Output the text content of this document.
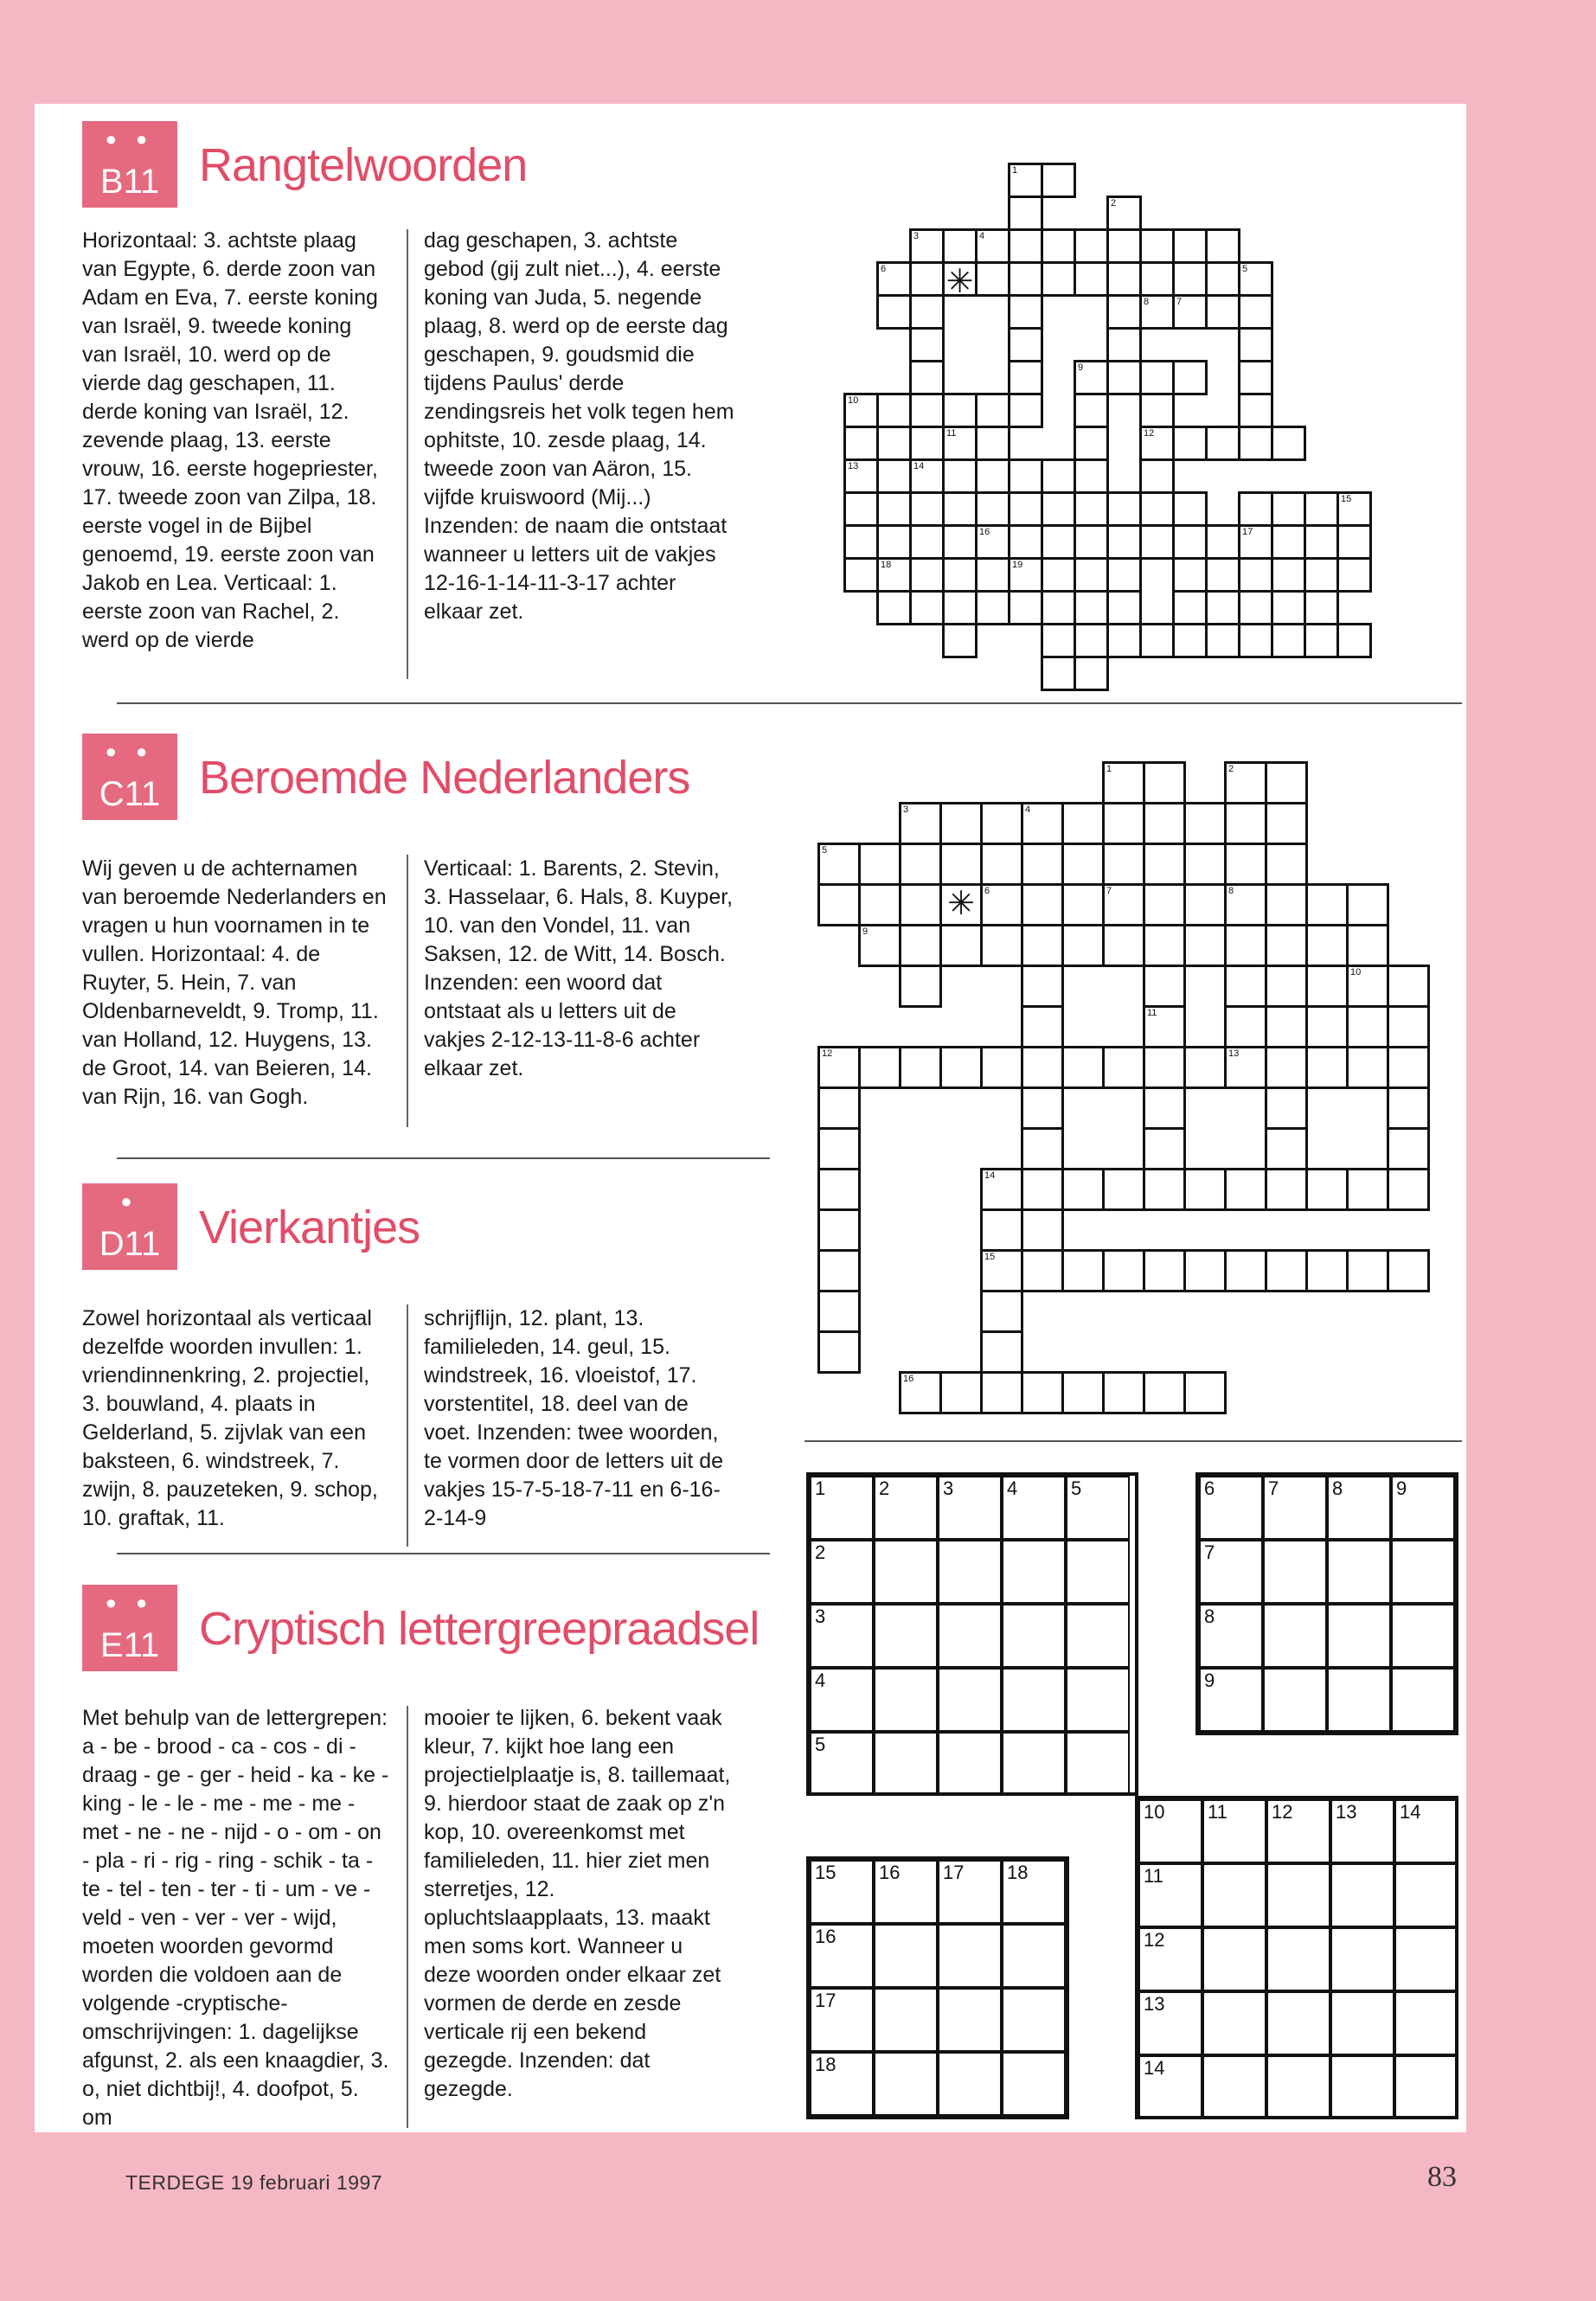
● ●
B11 Rangtelwoorden
Horizontaal: 3. achtste plaag van Egypte, 6. derde zoon van Adam en Eva, 7. eerste koning van Israël, 9. tweede koning van Israël, 10. werd op de vierde dag geschapen, 11. derde koning van Israël, 12. zevende plaag, 13. eerste vrouw, 16. eerste hogepriester, 17. tweede zoon van Zilpa, 18. eerste vogel in de Bijbel genoemd, 19. eerste zoon van Jakob en Lea. Verticaal: 1. eerste zoon van Rachel, 2. werd op de vierde
dag geschapen, 3. achtste gebod (gij zult niet...), 4. eerste koning van Juda, 5. negende plaag, 8. werd op de eerste dag geschapen, 9. goudsmid die tijdens Paulus' derde zendingsreis het volk tegen hem ophitste, 10. zesde plaag, 14. tweede zoon van Aäron, 15. vijfde kruiswoord (Mij...) Inzenden: de naam die ontstaat wanneer u letters uit de vakjes 12-16-1-14-11-3-17 achter elkaar zet.
● ●
C11 Beroemde Nederlanders
Wij geven u de achternamen van beroemde Nederlanders en vragen u hun voornamen in te vullen. Horizontaal: 4. de Ruyter, 5. Hein, 7. van Oldenbarneveldt, 9. Tromp, 11. van Holland, 12. Huygens, 13. de Groot, 14. van Beieren, 14. van Rijn, 16. van Gogh.
Verticaal: 1. Barents, 2. Stevin, 3. Hasselaar, 6. Hals, 8. Kuyper, 10. van den Vondel, 11. van Saksen, 12. de Witt, 14. Bosch. Inzenden: een woord dat ontstaat als u letters uit de vakjes 2-12-13-11-8-6 achter elkaar zet.
●
D11 Vierkantjes
Zowel horizontaal als verticaal dezelfde woorden invullen: 1. vriendinnenkring, 2. projectiel, 3. bouwland, 4. plaats in Gelderland, 5. zijvlak van een baksteen, 6. windstreek, 7. zwijn, 8. pauzeteken, 9. schop, 10. graftak, 11.
schrijflijn, 12. plant, 13. familieleden, 14. geul, 15. windstreek, 16. vloeistof, 17. vorstentitel, 18. deel van de voet. Inzenden: twee woorden, te vormen door de letters uit de vakjes 15-7-5-18-7-11 en 6-16-2-14-9
● ●
E11 Cryptisch lettergreepraadsel
Met behulp van de lettergrepen: a - be - brood - ca - cos - di - draag - ge - ger - heid - ka - ke - king - le - le - me - me - me - met - ne - ne - nijd - o - om - on - pla - ri - rig - ring - schik - ta - te - tel - ten - ter - ti - um - ve - veld - ven - ver - ver - wijd, moeten woorden gevormd worden die voldoen aan de volgende -cryptische- omschrijvingen: 1. dagelijkse afgunst, 2. als een knaagdier, 3. o, niet dichtbij!, 4. doofpot, 5. om
mooier te lijken, 6. bekent vaak kleur, 7. kijkt hoe lang een projectielplaatje is, 8. taillemaat, 9. hierdoor staat de zaak op z'n kop, 10. overeenkomst met familieleden, 11. hier ziet men sterretjes, 12. opluchtslaapplaats, 13. maakt men soms kort. Wanneer u deze woorden onder elkaar zet vormen de derde en zesde verticale rij een bekend gezegde. Inzenden: dat gezegde.
1
2
3	4
6 ✳	5
8	7
9
10
11	12
13	14
15
16	17
18	19
1	2
3	4
5
✳	6	7	8
9
10
11
12	13
14
15
16
1	2	3	4	5
2
3
4
5
6	7	8	9
7
8
9
10 11 12 13 14
11
12
13
14
15 16 17 18
16
17
18
TERDEGE 19 februari 1997	83
